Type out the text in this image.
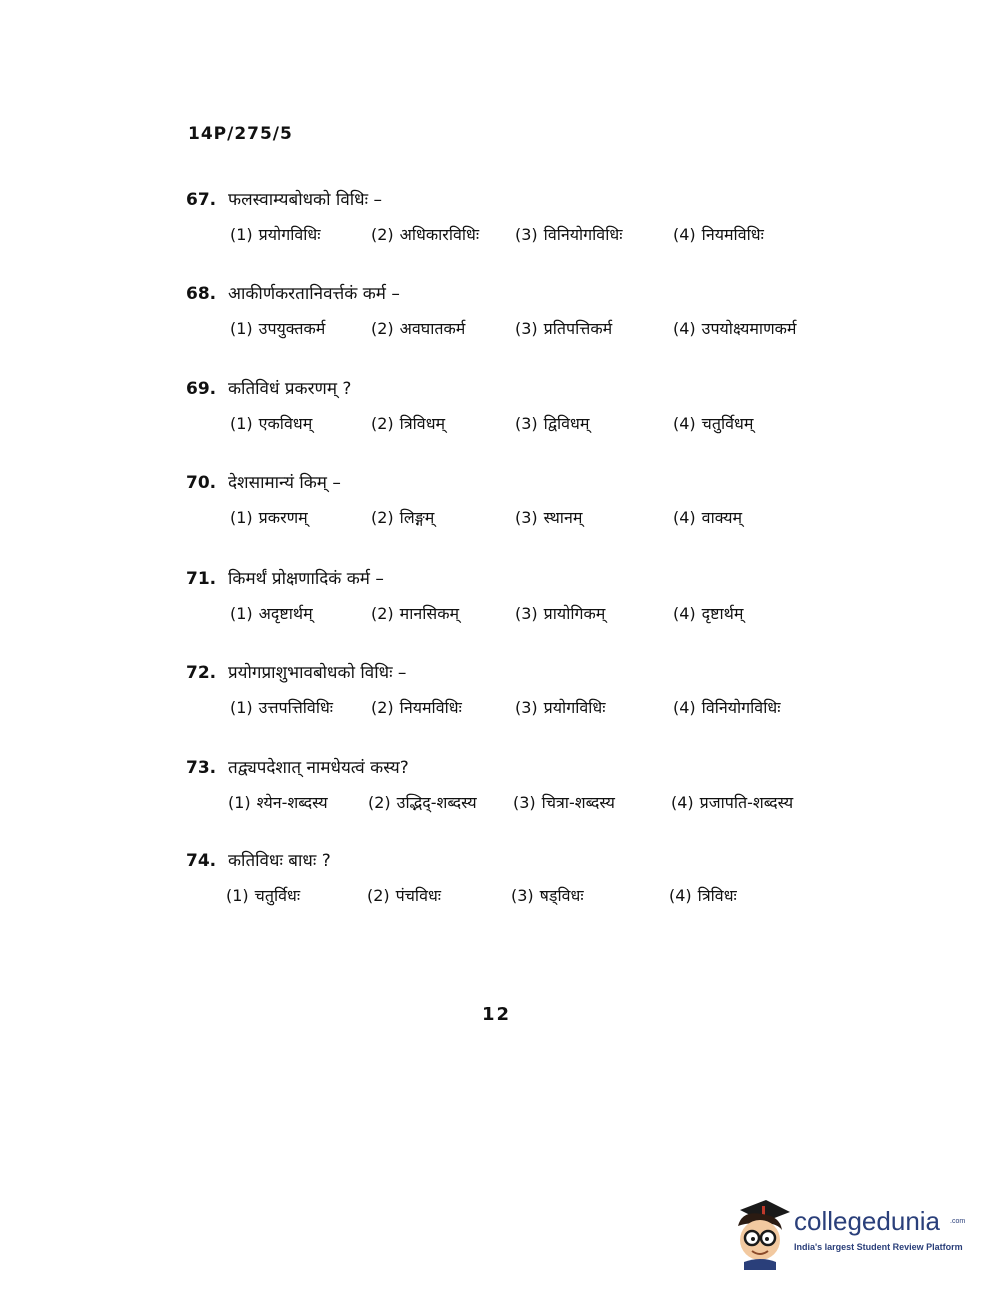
14P/275/5
67. फलस्वाम्यबोधको विधिः –
(1) प्रयोगविधिः	(2) अधिकारविधिः (3) विनियोगविधिः	(4) नियमविधिः
68. आकीर्णकरतानिवर्त्तकं कर्म –
(1) उपयुक्तकर्म	(2) अवघातकर्म	(3) प्रतिपत्तिकर्म	(4) उपयोक्ष्यमाणकर्म
69. कतिविधं प्रकरणम् ?
(1) एकविधम्	(2) त्रिविधम्	(3) द्विविधम्	(4) चतुर्विधम्
70. देशसामान्यं किम् –
(1) प्रकरणम्	(2) लिङ्गम्	(3) स्थानम्	(4) वाक्यम्
71. किमर्थं प्रोक्षणादिकं कर्म –
(1) अदृष्टार्थम्	(2) मानसिकम्	(3) प्रायोगिकम्	(4) दृष्टार्थम्
72. प्रयोगप्राशुभावबोधको विधिः –
(1) उत्तपत्तिविधिः (2) नियमविधिः	(3) प्रयोगविधिः	(4) विनियोगविधिः
73. तद्व्यपदेशात् नामधेयत्वं कस्य?
(1) श्येन-शब्दस्य	(2) उद्भिद्-शब्दस्य (3) चित्रा-शब्दस्य	(4) प्रजापति-शब्दस्य
74. कतिविधः बाधः ?
(1) चतुर्विधः	(2) पंचविधः	(3) षड्विधः	(4) त्रिविधः
12
collegedunia .com
India's largest Student Review Platform
